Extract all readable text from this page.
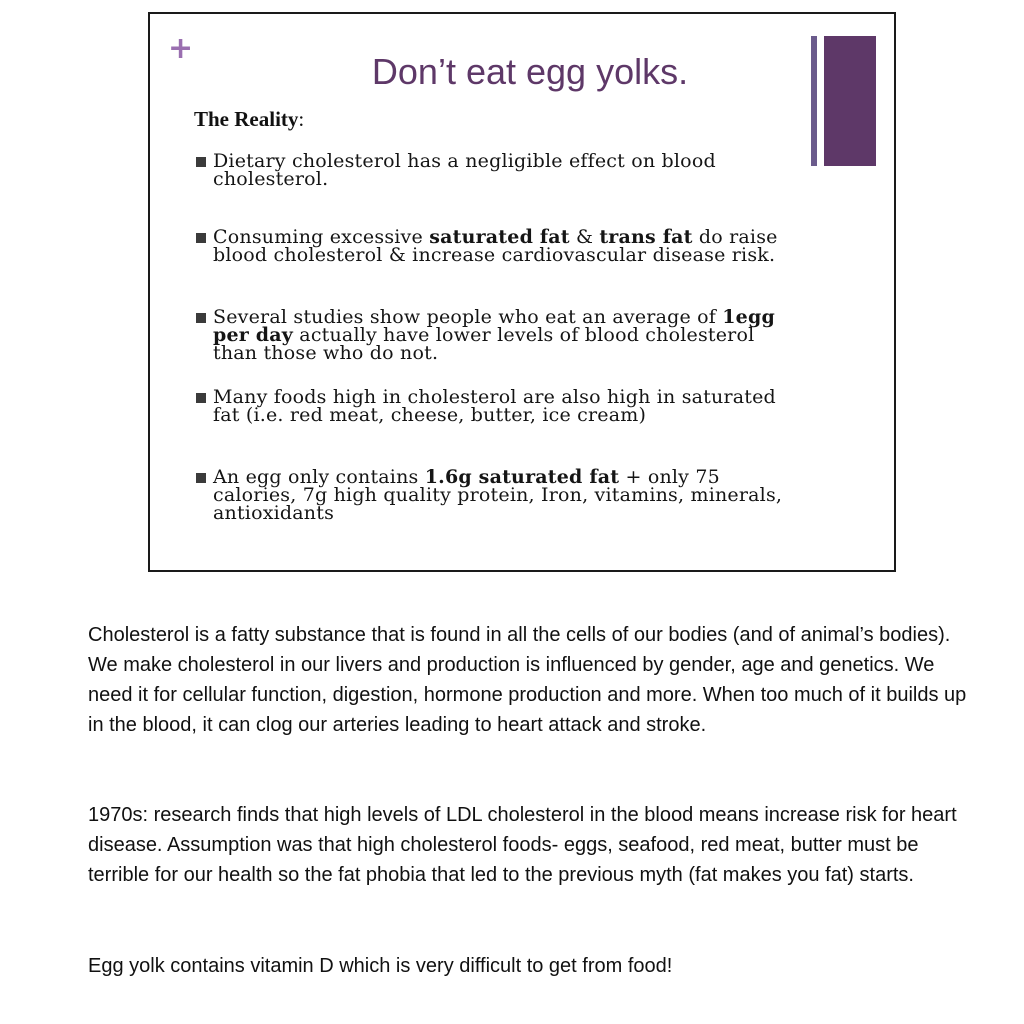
+
Don’t eat egg yolks.
The Reality:
Dietary cholesterol has a negligible effect on blood cholesterol.
Consuming excessive saturated fat & trans fat do raise blood cholesterol & increase cardiovascular disease risk.
Several studies show people who eat an average of 1egg per day actually have lower levels of blood cholesterol than those who do not.
Many foods high in cholesterol are also high in saturated fat (i.e. red meat, cheese, butter, ice cream)
An egg only contains 1.6g saturated fat + only 75 calories, 7g high quality protein, Iron, vitamins, minerals, antioxidants

Cholesterol is a fatty substance that is found in all the cells of our bodies (and of animal’s bodies). We make cholesterol in our livers and production is influenced by gender, age and genetics. We need it for cellular function, digestion, hormone production and more. When too much of it builds up in the blood, it can clog our arteries leading to heart attack and stroke.

1970s: research finds that high levels of LDL cholesterol in the blood means increase risk for heart disease. Assumption was that high cholesterol foods- eggs, seafood, red meat, butter must be terrible for our health so the fat phobia that led to the previous myth (fat makes you fat) starts.

Egg yolk contains vitamin D which is very difficult to get from food!
